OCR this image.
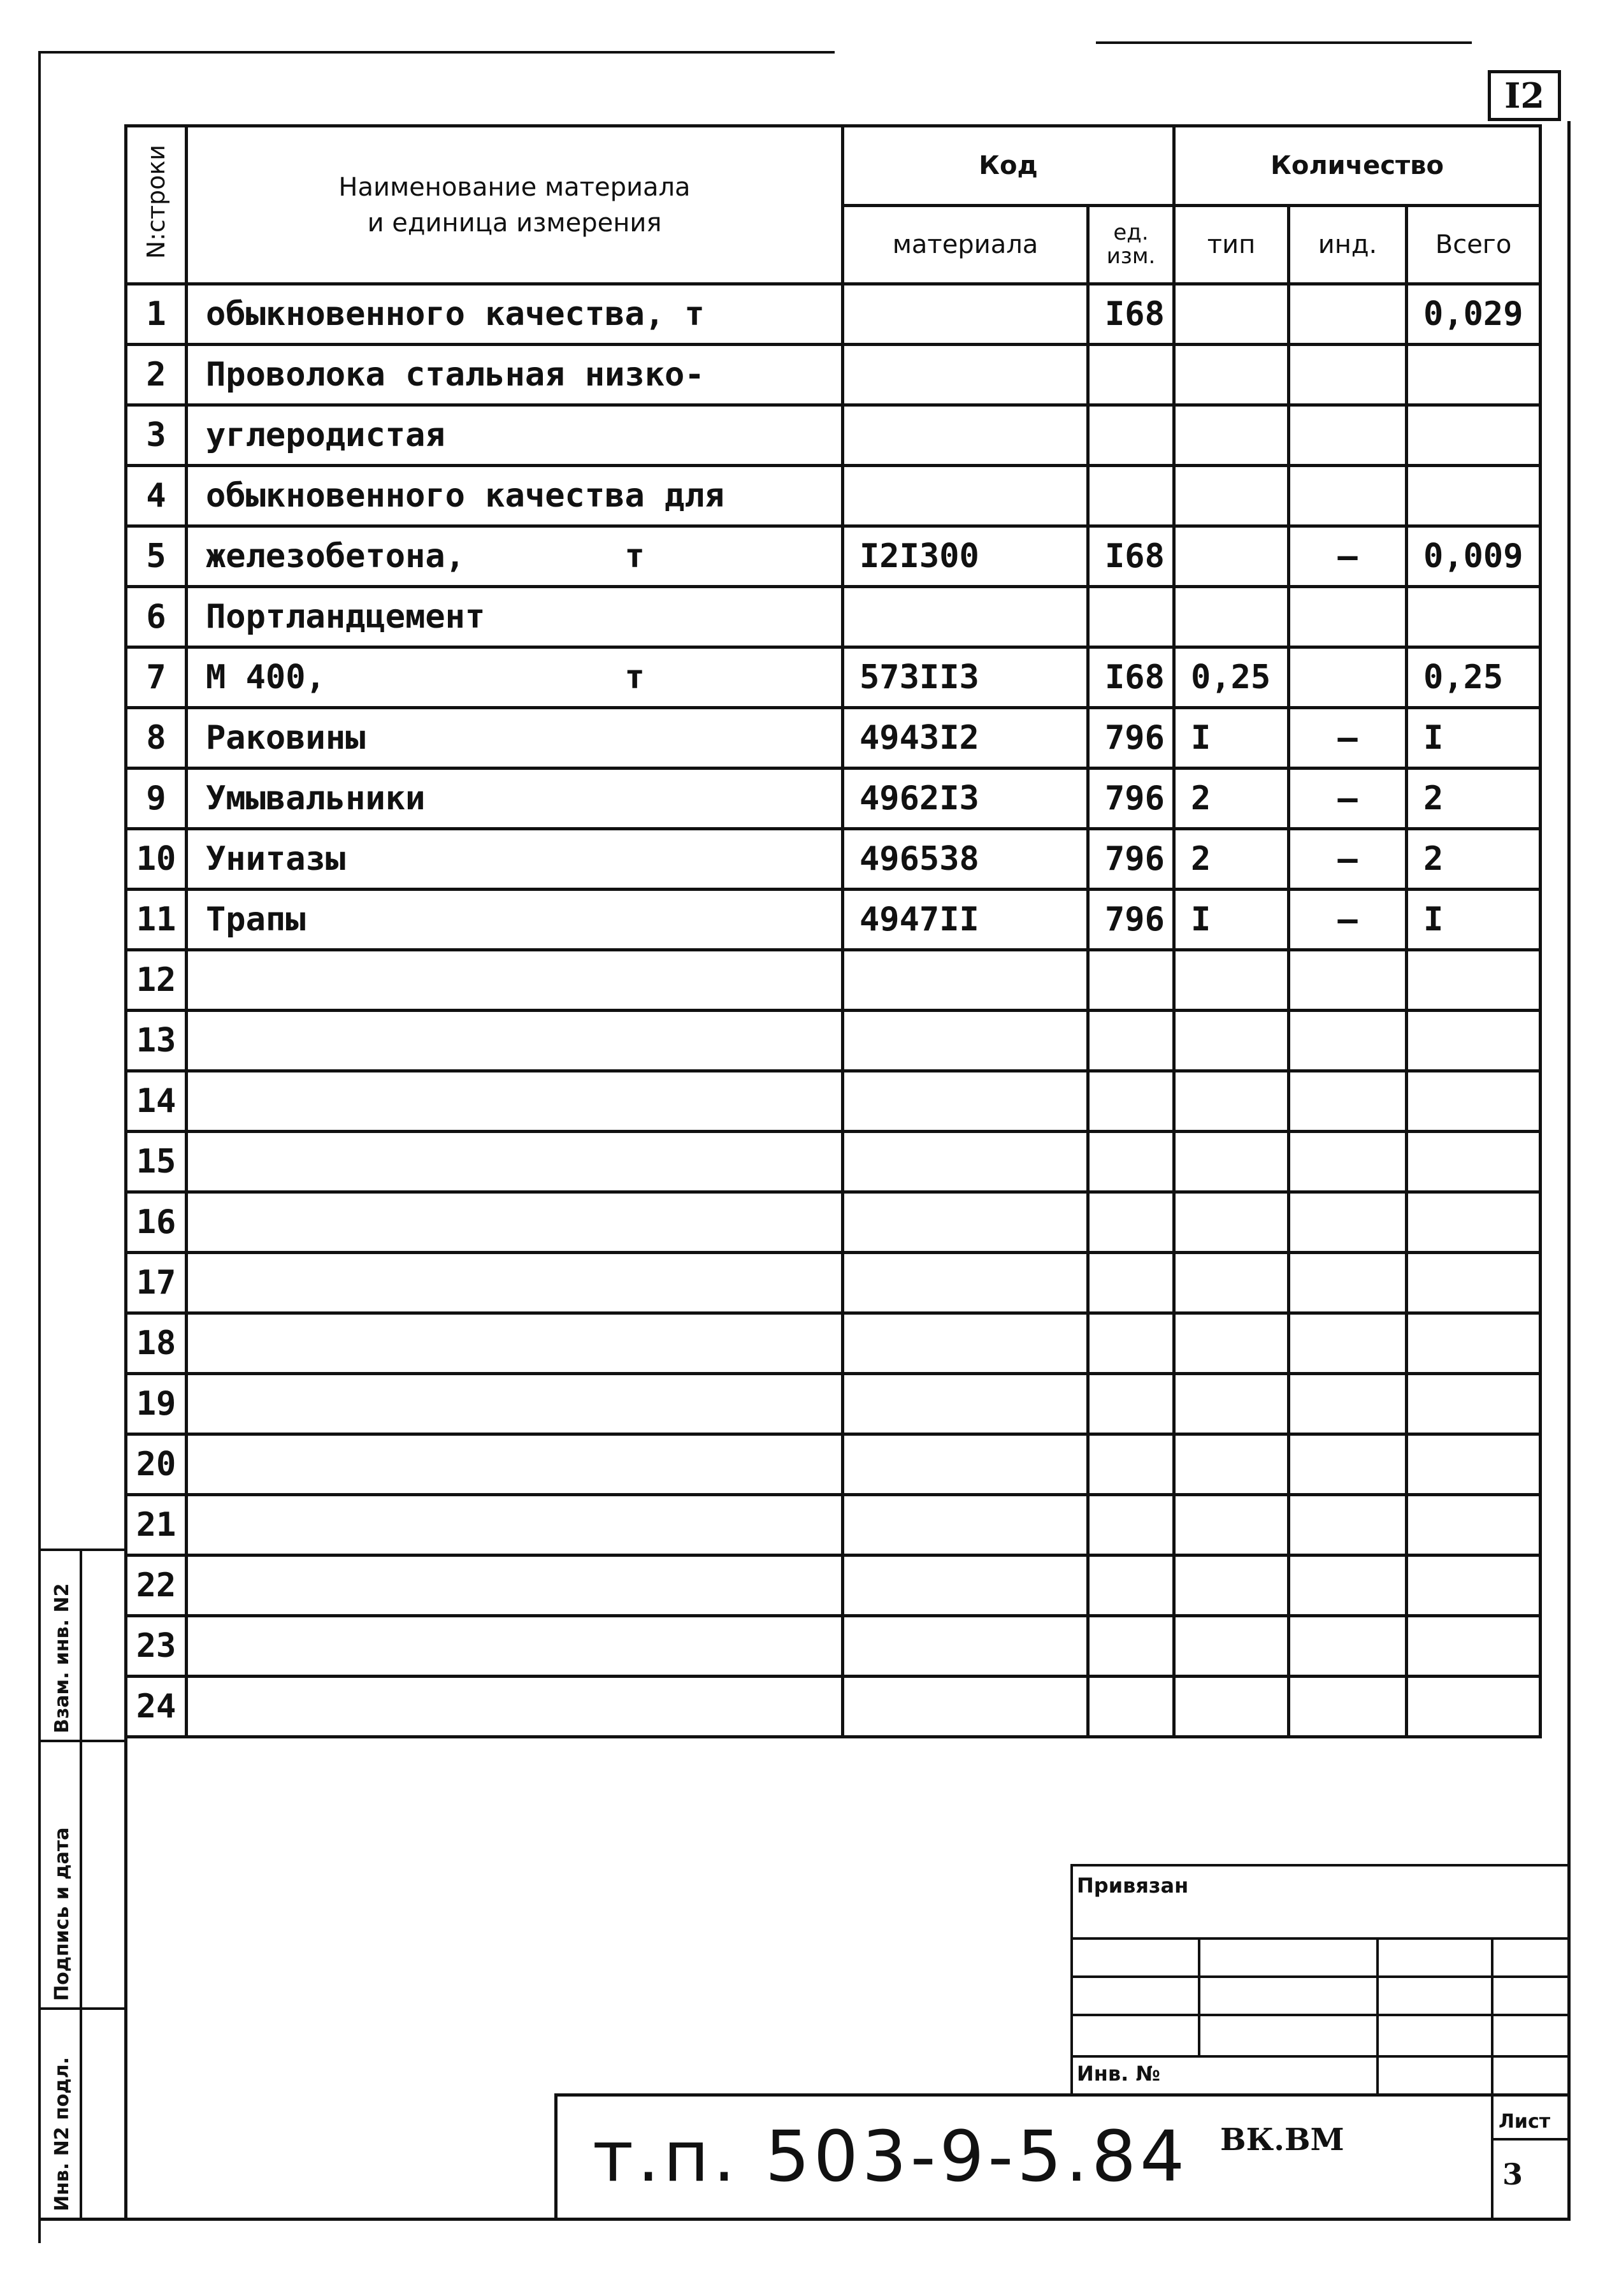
I2
N:строки	Наименование материала
и единица измерения	Код		Количество		
		материала	ед. изм.	тип	инд.	Всего
1	обыкновенного качества, т		I68			0,029
2	Проволока стальная низко-					
3	углеродистая					
4	обыкновенного качества для					
5	железобетона,        т	I2I300	I68		–	0,009
6	Портландцемент					
7	М 400,               т	573II3	I68	0,25		0,25
8	Раковины	4943I2	796	I	–	I
9	Умывальники	4962I3	796	2	–	2
10	Унитазы	496538	796	2	–	2
11	Трапы	4947II	796	I	–	I
12						
13						
14						
15						
16						
17						
18						
19						
20						
21						
22						
23						
24						
Взам. инв. N2
Подпись и дата
Инв. N2 подл.
Привязан
Инв. №
т.п. 503-9-5.84 ВК.ВМ
Лист
3
